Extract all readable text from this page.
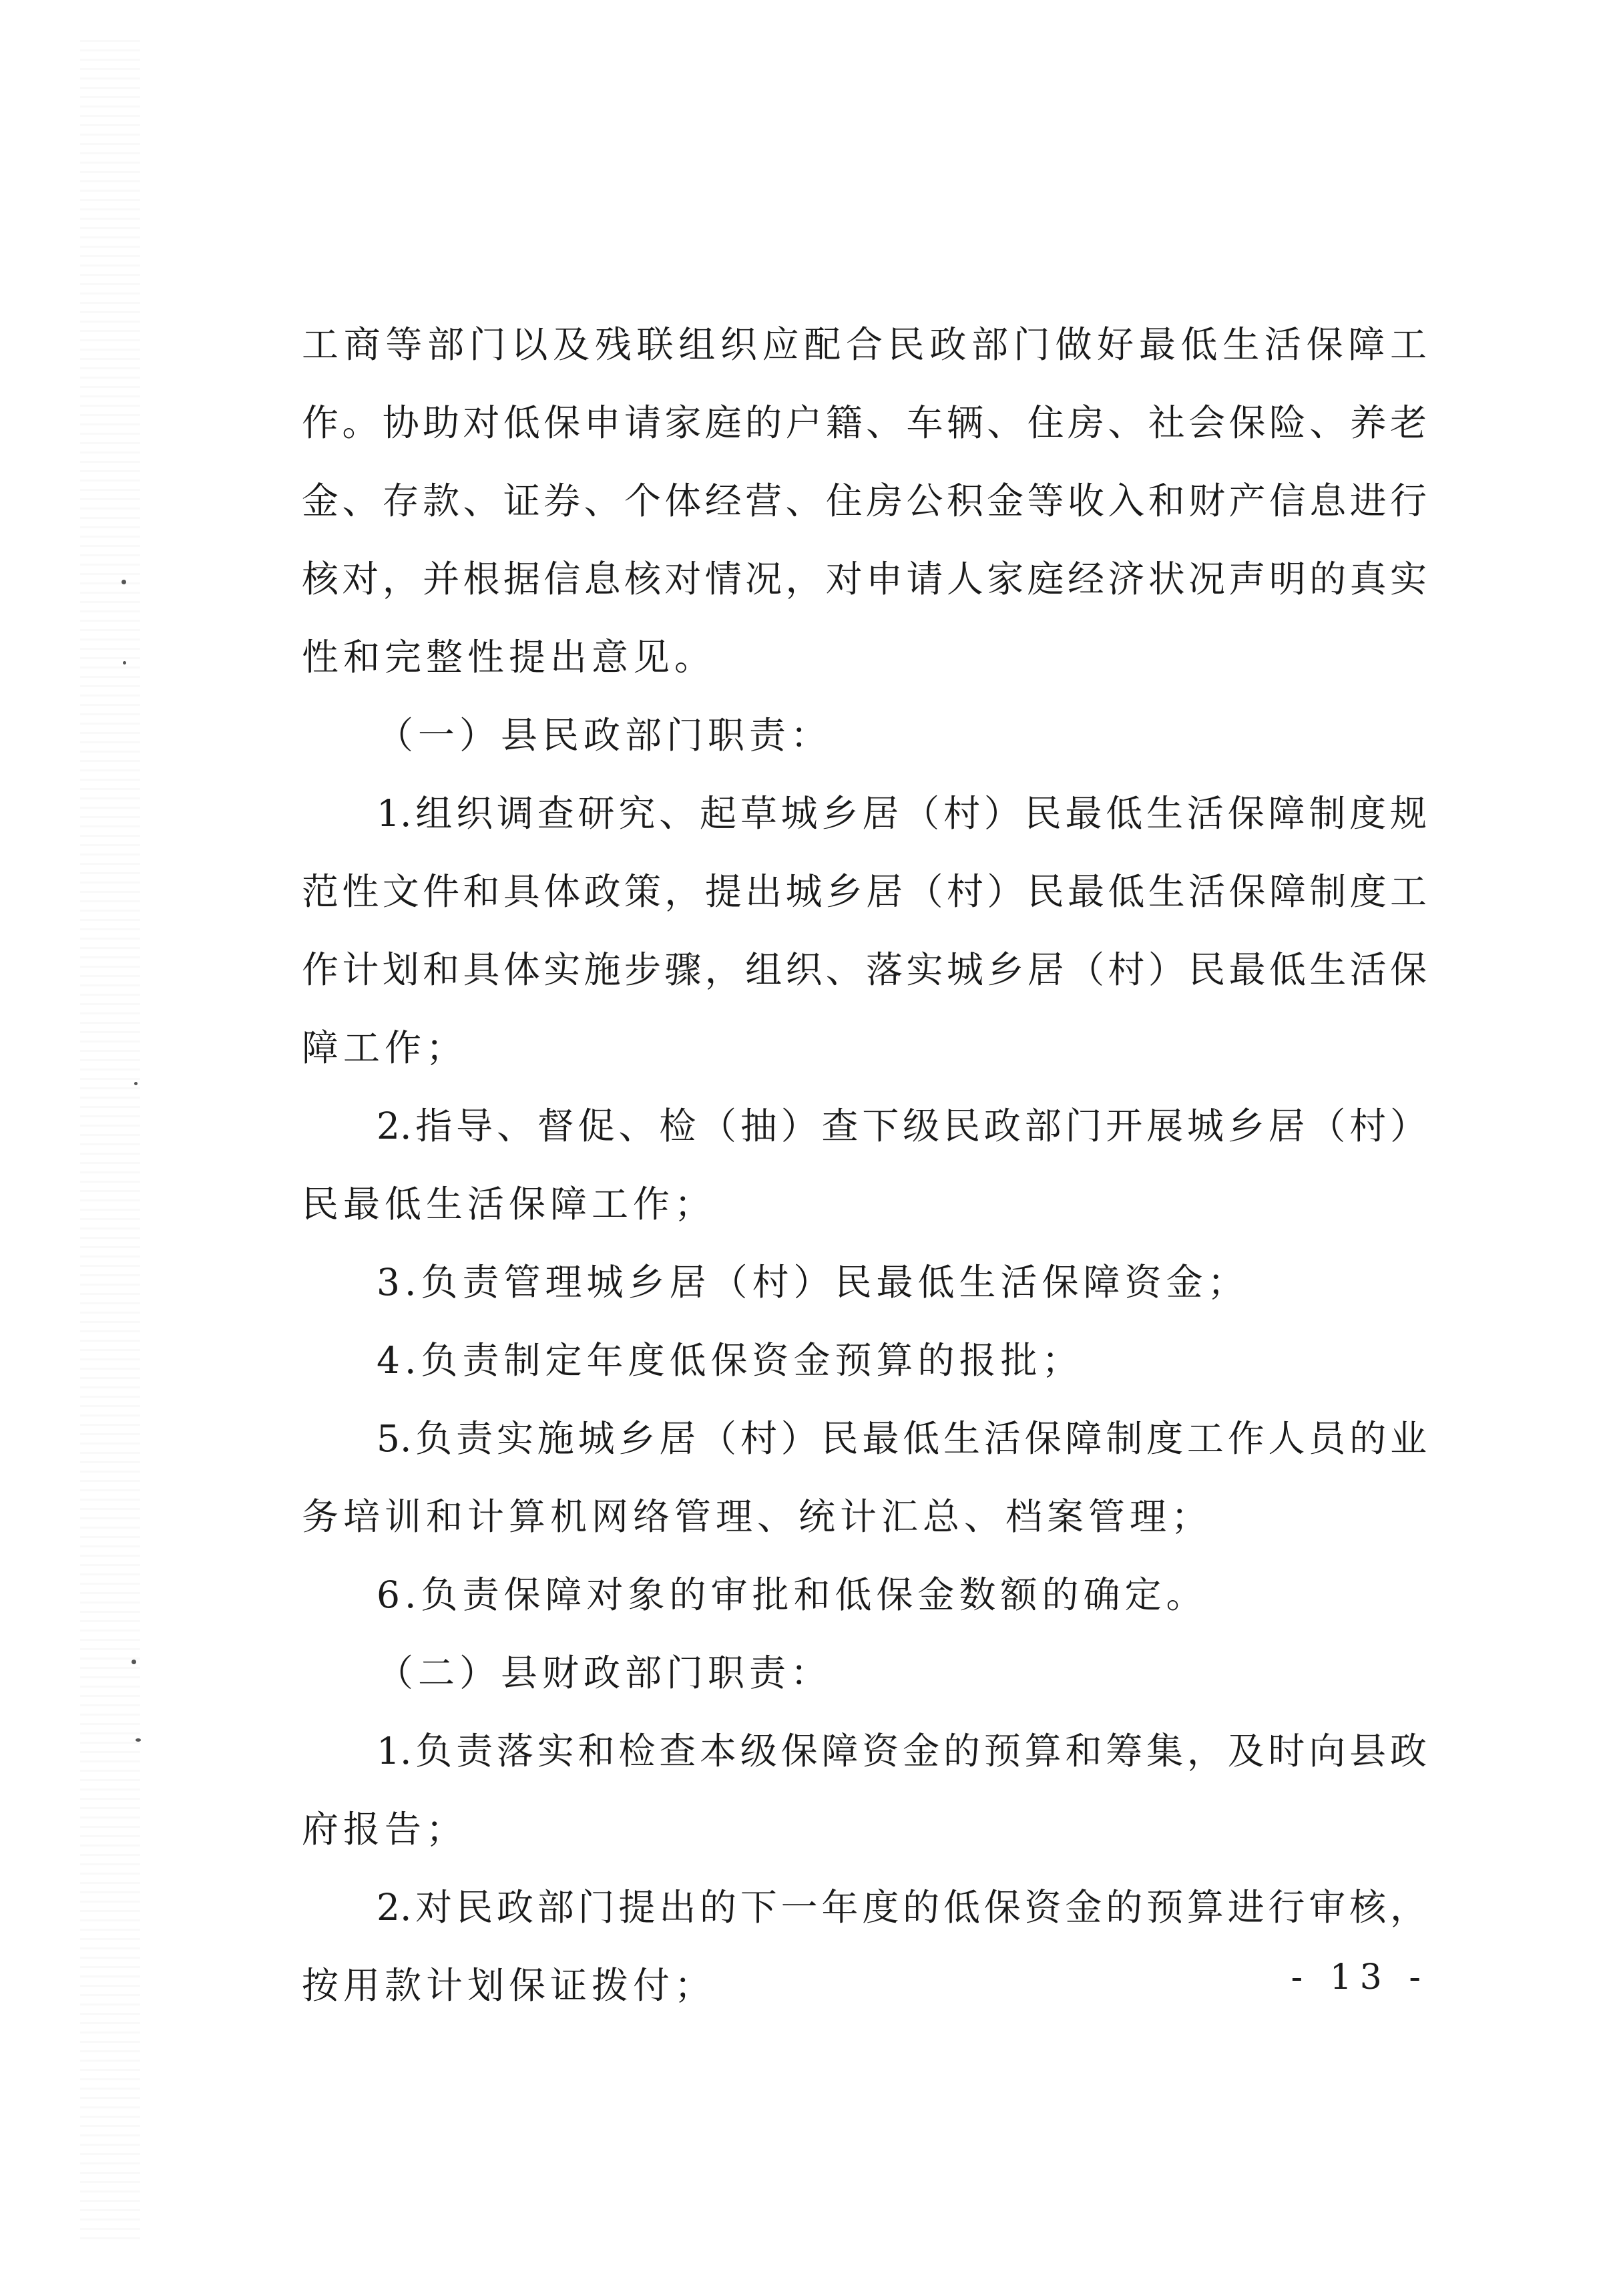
工商等部门以及残联组织应配合民政部门做好最低生活保障工
作。协助对低保申请家庭的户籍、车辆、住房、社会保险、养老
金、存款、证券、个体经营、住房公积金等收入和财产信息进行
核对，并根据信息核对情况，对申请人家庭经济状况声明的真实
性和完整性提出意见。
（一）县民政部门职责：
1.组织调查研究、起草城乡居（村）民最低生活保障制度规
范性文件和具体政策，提出城乡居（村）民最低生活保障制度工
作计划和具体实施步骤，组织、落实城乡居（村）民最低生活保
障工作；
2.指导、督促、检（抽）查下级民政部门开展城乡居（村）
民最低生活保障工作；
3.负责管理城乡居（村）民最低生活保障资金；
4.负责制定年度低保资金预算的报批；
5.负责实施城乡居（村）民最低生活保障制度工作人员的业
务培训和计算机网络管理、统计汇总、档案管理；
6.负责保障对象的审批和低保金数额的确定。
（二）县财政部门职责：
1.负责落实和检查本级保障资金的预算和筹集，及时向县政
府报告；
2.对民政部门提出的下一年度的低保资金的预算进行审核，
按用款计划保证拨付；	- 13 -
